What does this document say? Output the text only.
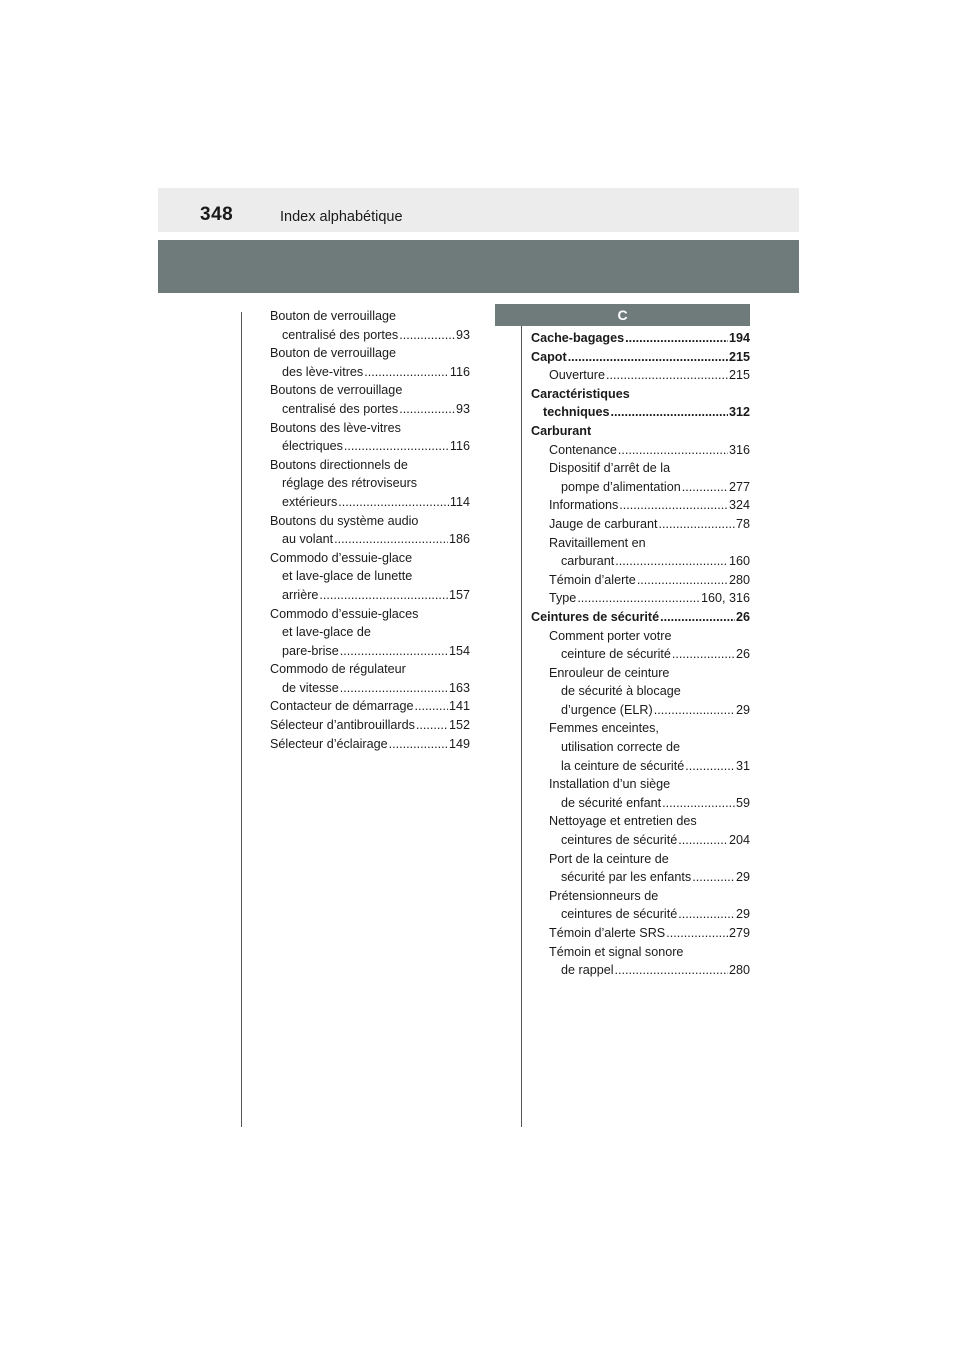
348	Index alphabétique
C
Bouton de verrouillage
centralisé des portes .....	93
Bouton de verrouillage
des lève-vitres .....	116
Boutons de verrouillage
centralisé des portes .....	93
Boutons des lève-vitres
électriques .....	116
Boutons directionnels de
réglage des rétroviseurs
extérieurs .....	114
Boutons du système audio
au volant .....	186
Commodo d’essuie-glace
et lave-glace de lunette
arrière .....	157
Commodo d’essuie-glaces
et lave-glace de
pare-brise .....	154
Commodo de régulateur
de vitesse .....	163
Contacteur de démarrage .....	141
Sélecteur d’antibrouillards .....	152
Sélecteur d’éclairage .....	149
Cache-bagages .....	194
Capot .....	215
Ouverture .....	215
Caractéristiques
techniques .....	312
Carburant
Contenance .....	316
Dispositif d’arrêt de la
pompe d’alimentation .....	277
Informations .....	324
Jauge de carburant .....	78
Ravitaillement en
carburant .....	160
Témoin d’alerte .....	280
Type .....	160, 316
Ceintures de sécurité .....	26
Comment porter votre
ceinture de sécurité .....	26
Enrouleur de ceinture
de sécurité à blocage
d’urgence (ELR) .....	29
Femmes enceintes,
utilisation correcte de
la ceinture de sécurité .....	31
Installation d’un siège
de sécurité enfant .....	59
Nettoyage et entretien des
ceintures de sécurité .....	204
Port de la ceinture de
sécurité par les enfants .....	29
Prétensionneurs de
ceintures de sécurité .....	29
Témoin d’alerte SRS .....	279
Témoin et signal sonore
de rappel .....	280
